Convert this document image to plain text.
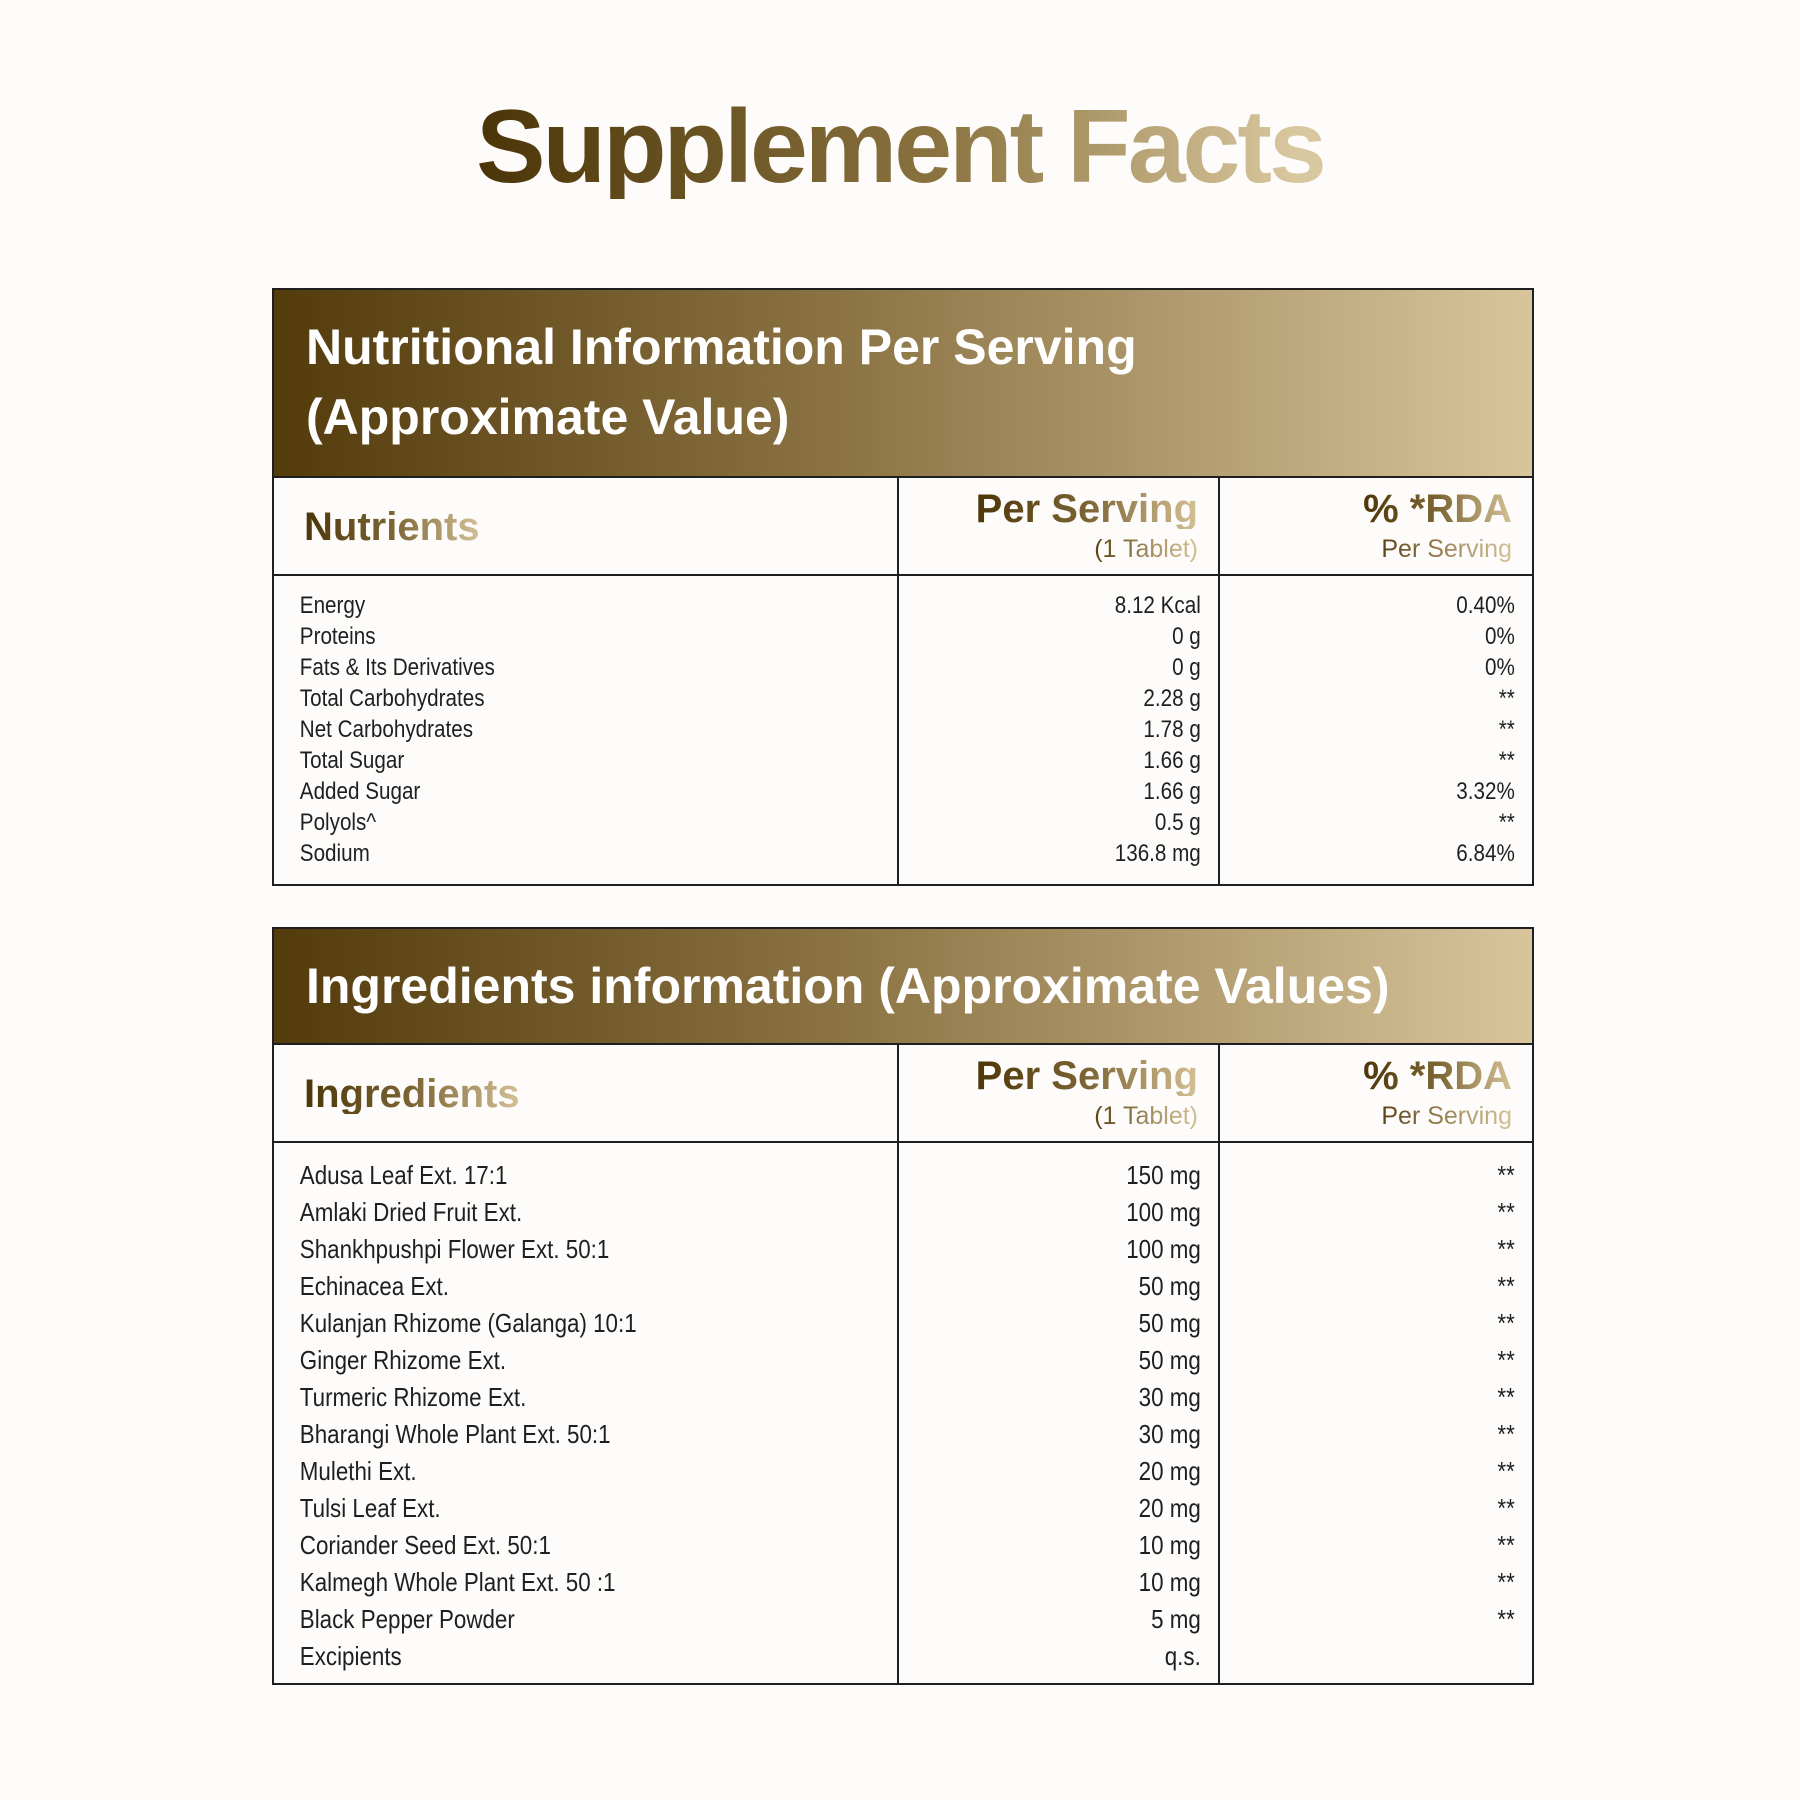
Supplement Facts
Nutritional Information Per Serving
(Approximate Value)
Nutrients	Per Serving
(1 Tablet)
% *RDA
Per Serving
Energy
Proteins
Fats & Its Derivatives
Total Carbohydrates
Net Carbohydrates
Total Sugar
Added Sugar
Polyols^
Sodium
8.12 Kcal
0 g
0 g
2.28 g
1.78 g
1.66 g
1.66 g
0.5 g
136.8 mg
0.40%
0%
0%
**
**
**
3.32%
**
6.84%
Ingredients information (Approximate Values)
Ingredients	Per Serving
(1 Tablet)
% *RDA
Per Serving
Adusa Leaf Ext. 17:1
Amlaki Dried Fruit Ext.
Shankhpushpi Flower Ext. 50:1
Echinacea Ext.
Kulanjan Rhizome (Galanga) 10:1
Ginger Rhizome Ext.
Turmeric Rhizome Ext.
Bharangi Whole Plant Ext. 50:1
Mulethi Ext.
Tulsi Leaf Ext.
Coriander Seed Ext. 50:1
Kalmegh Whole Plant Ext. 50 :1
Black Pepper Powder
Excipients
150 mg
100 mg
100 mg
50 mg
50 mg
50 mg
30 mg
30 mg
20 mg
20 mg
10 mg
10 mg
5 mg
q.s.
**
**
**
**
**
**
**
**
**
**
**
**
**
